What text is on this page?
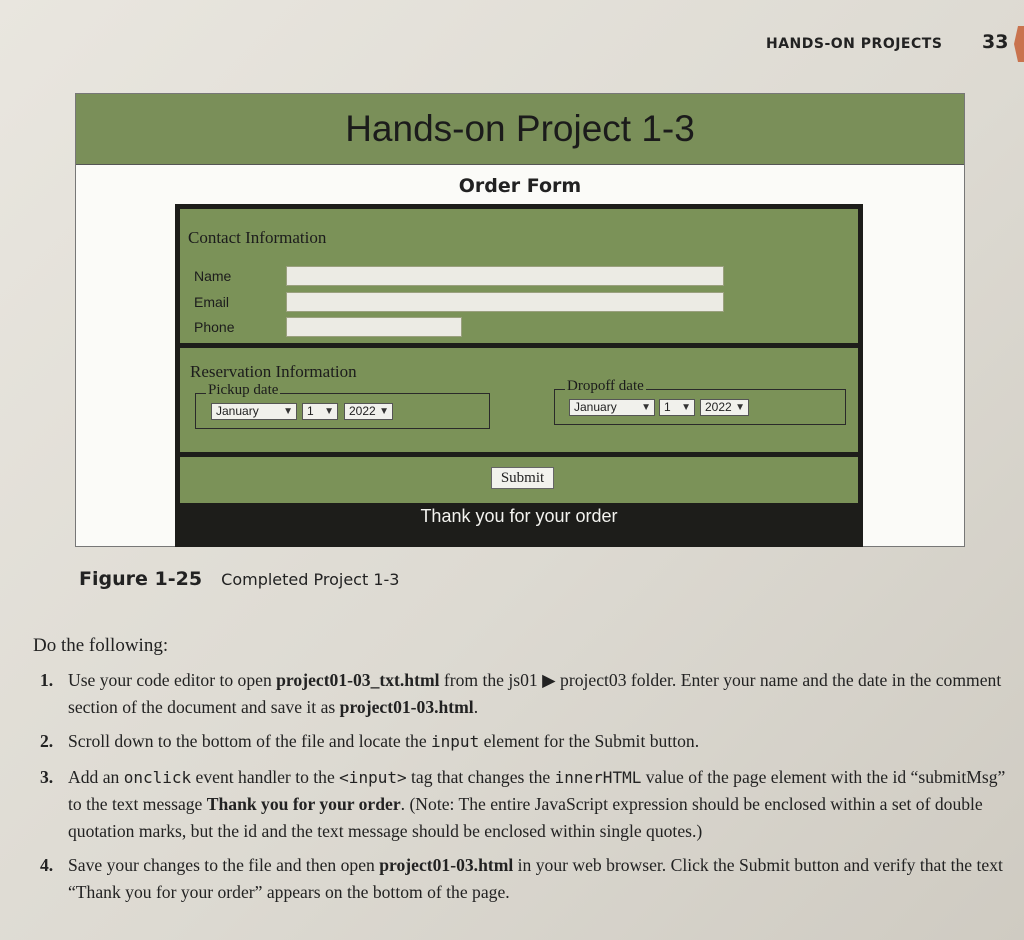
HANDS-ON PROJECTS 33
Hands-on Project 1-3
Order Form
Contact Information
Name
Email
Phone
Reservation Information
Pickup date
January ▼	1 ▼	2022 ▼
Dropoff date
January ▼	1 ▼	2022 ▼
Submit
Thank you for your order
Figure 1-25 Completed Project 1-3
Do the following:
1. Use your code editor to open project01-03_txt.html from the js01 ▶ project03 folder. Enter your name and the date in the comment section of the document and save it as project01-03.html.
2. Scroll down to the bottom of the file and locate the input element for the Submit button.
3. Add an onclick event handler to the <input> tag that changes the innerHTML value of the page element with the id “submitMsg” to the text message Thank you for your order. (Note: The entire JavaScript expression should be enclosed within a set of double quotation marks, but the id and the text message should be enclosed within single quotes.)
4. Save your changes to the file and then open project01-03.html in your web browser. Click the Submit button and verify that the text “Thank you for your order” appears on the bottom of the page.
